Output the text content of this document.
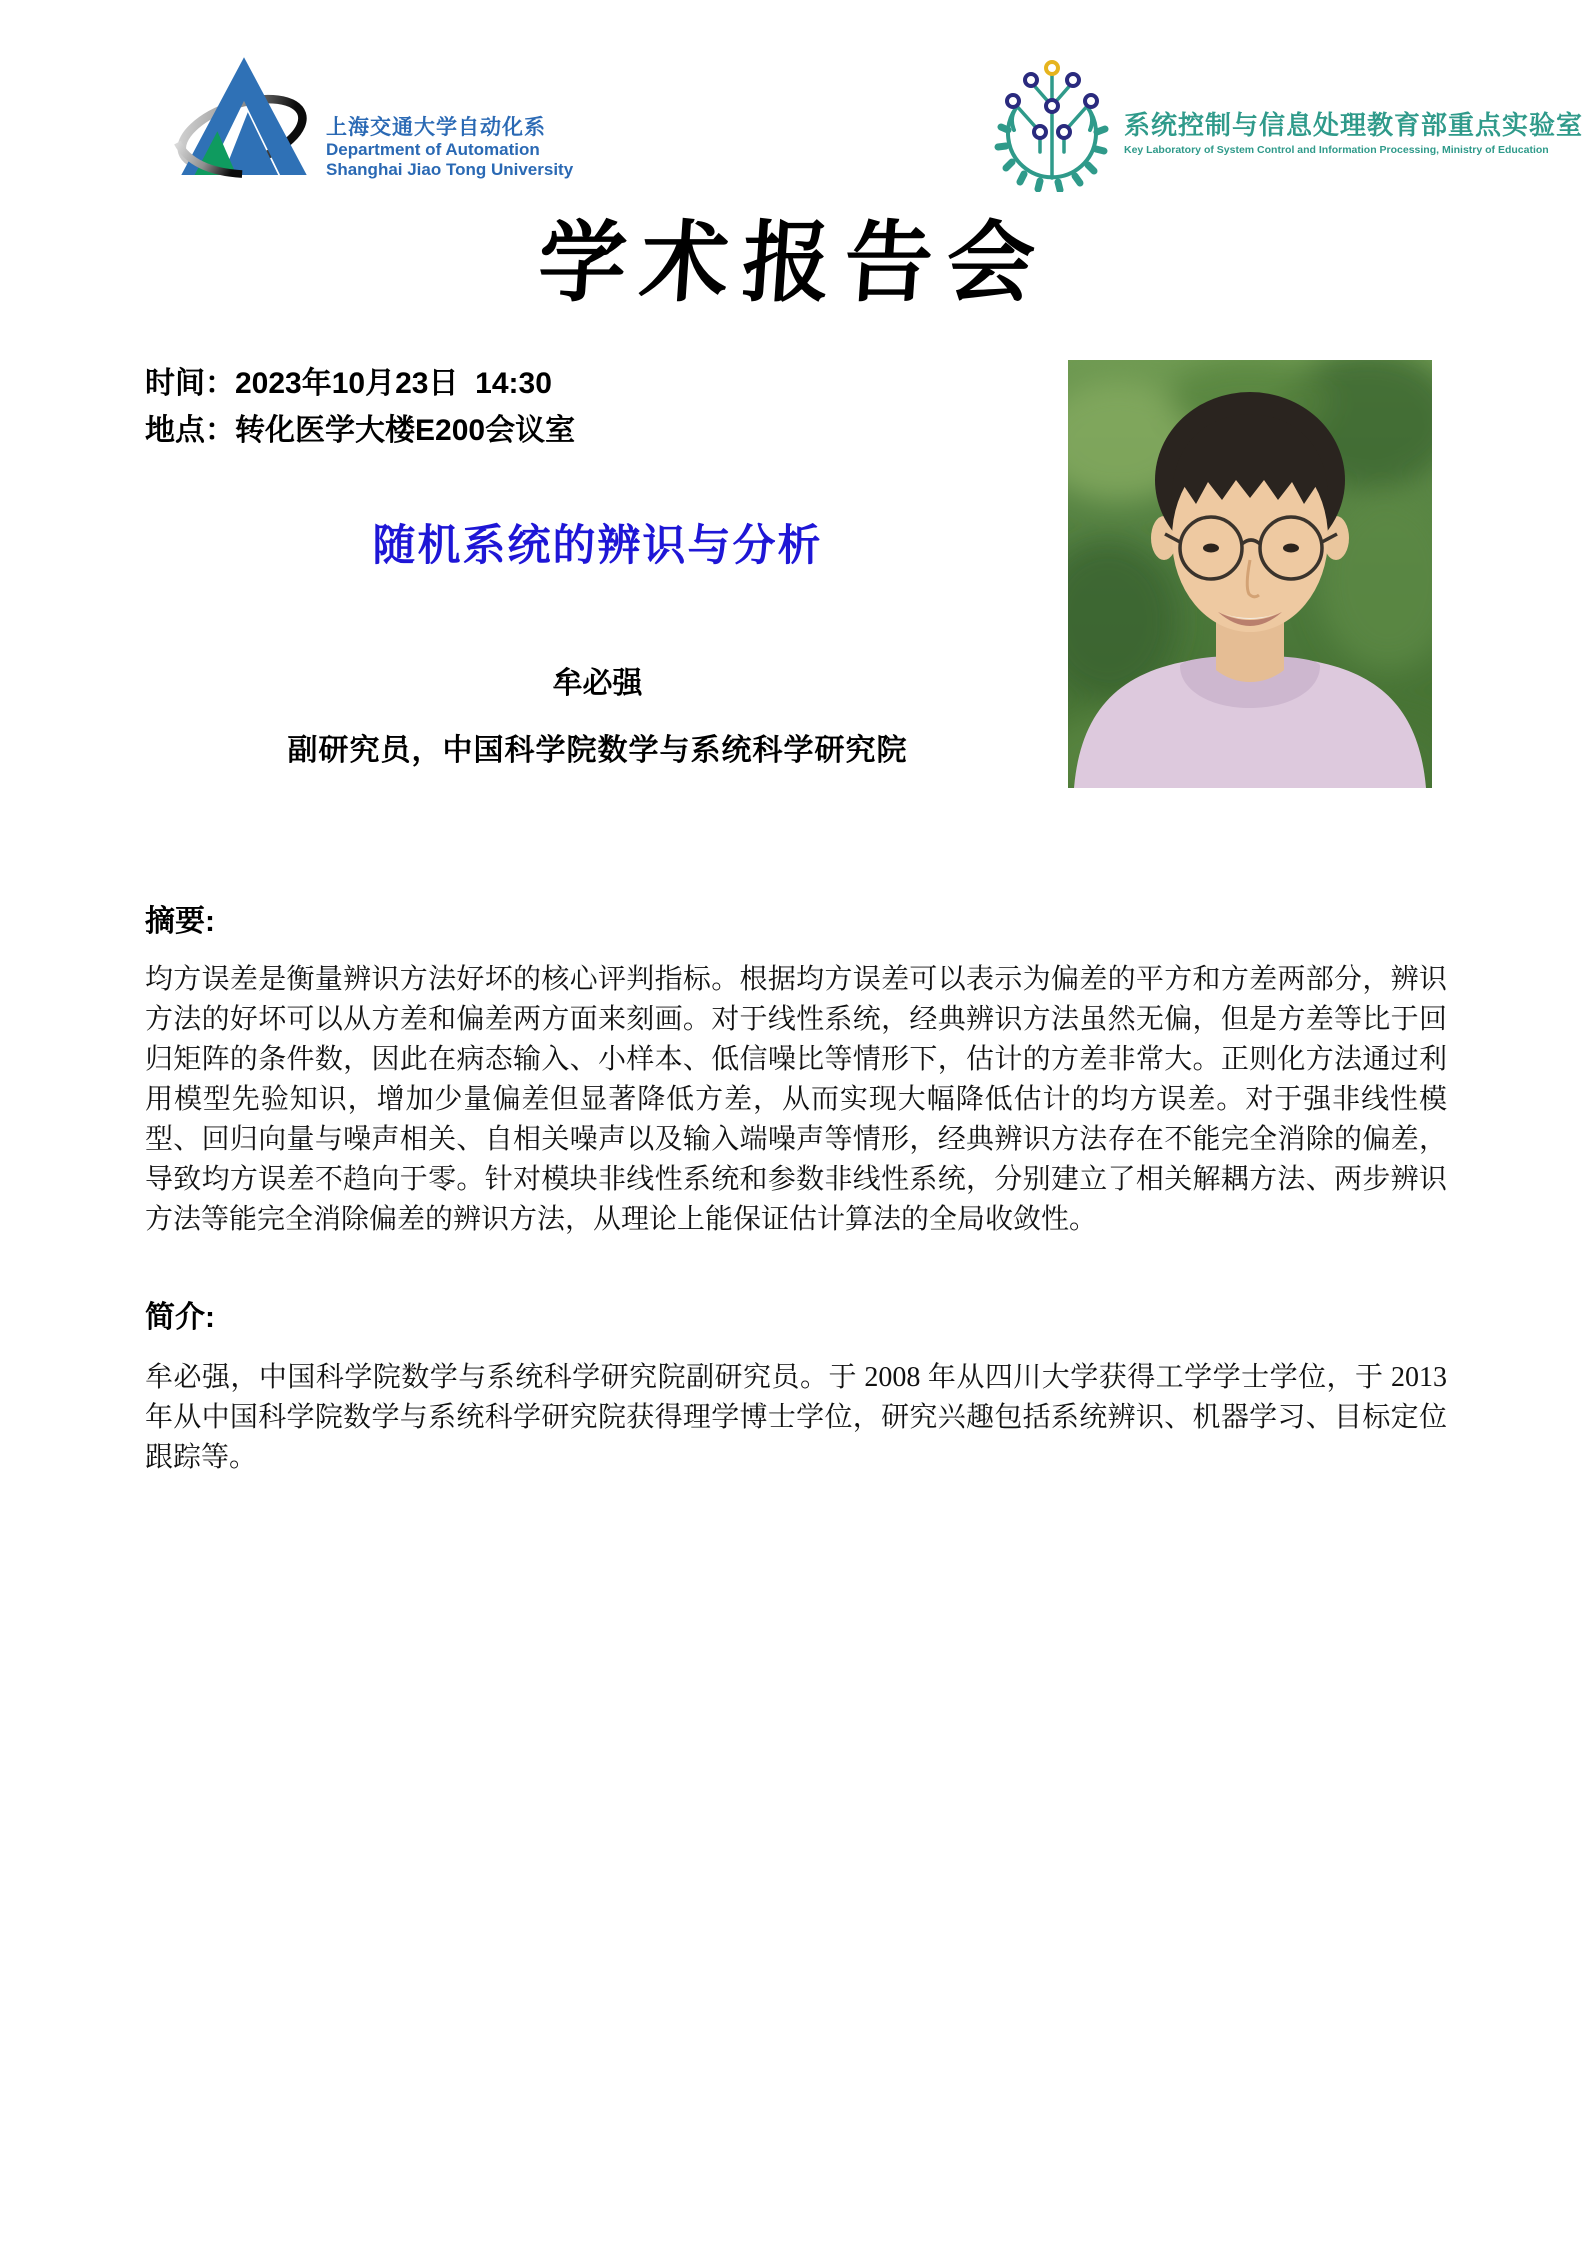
上海交通大学自动化系
Department of Automation
Shanghai Jiao Tong University
系统控制与信息处理教育部重点实验室
Key Laboratory of System Control and Information Processing, Ministry of Education
学术报告会
时间：2023年10月23日  14:30
地点：转化医学大楼E200会议室
随机系统的辨识与分析
牟必强
副研究员，中国科学院数学与系统科学研究院
摘要:
均方误差是衡量辨识方法好坏的核心评判指标。根据均方误差可以表示为偏差的平方和方差两部分，辨识方法的好坏可以从方差和偏差两方面来刻画。对于线性系统，经典辨识方法虽然无偏，但是方差等比于回归矩阵的条件数，因此在病态输入、小样本、低信噪比等情形下，估计的方差非常大。正则化方法通过利用模型先验知识，增加少量偏差但显著降低方差，从而实现大幅降低估计的均方误差。对于强非线性模型、回归向量与噪声相关、自相关噪声以及输入端噪声等情形，经典辨识方法存在不能完全消除的偏差，导致均方误差不趋向于零。针对模块非线性系统和参数非线性系统，分别建立了相关解耦方法、两步辨识方法等能完全消除偏差的辨识方法，从理论上能保证估计算法的全局收敛性。
简介:
牟必强，中国科学院数学与系统科学研究院副研究员。于 2008 年从四川大学获得工学学士学位，于 2013 年从中国科学院数学与系统科学研究院获得理学博士学位，研究兴趣包括系统辨识、机器学习、目标定位跟踪等。
